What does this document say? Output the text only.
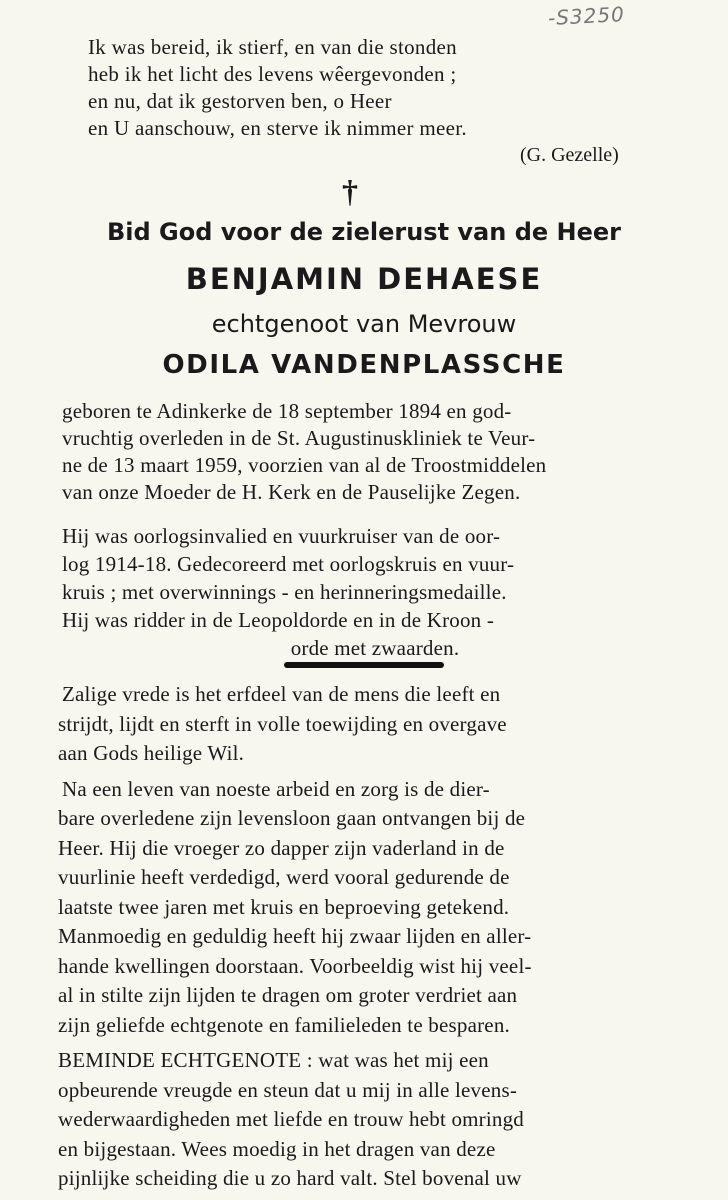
-S3250
Ik was bereid, ik stierf, en van die stonden
heb ik het licht des levens wêergevonden ;
en nu, dat ik gestorven ben, o Heer
en U aanschouw, en sterve ik nimmer meer.
(G. Gezelle)
†
Bid God voor de zielerust van de Heer
BENJAMIN DEHAESE
echtgenoot van Mevrouw
ODILA VANDENPLASSCHE
geboren te Adinkerke de 18 september 1894 en god-
vruchtig overleden in de St. Augustinuskliniek te Veur-
ne de 13 maart 1959, voorzien van al de Troostmiddelen
van onze Moeder de H. Kerk en de Pauselijke Zegen.
Hij was oorlogsinvalied en vuurkruiser van de oor-
log 1914-18. Gedecoreerd met oorlogskruis en vuur-
kruis ; met overwinnings - en herinneringsmedaille.
Hij was ridder in de Leopoldorde en in de Kroon -
orde met zwaarden.
Zalige vrede is het erfdeel van de mens die leeft en
strijdt, lijdt en sterft in volle toewijding en overgave
aan Gods heilige Wil.
Na een leven van noeste arbeid en zorg is de dier-
bare overledene zijn levensloon gaan ontvangen bij de
Heer. Hij die vroeger zo dapper zijn vaderland in de
vuurlinie heeft verdedigd, werd vooral gedurende de
laatste twee jaren met kruis en beproeving getekend.
Manmoedig en geduldig heeft hij zwaar lijden en aller-
hande kwellingen doorstaan. Voorbeeldig wist hij veel-
al in stilte zijn lijden te dragen om groter verdriet aan
zijn geliefde echtgenote en familieleden te besparen.
BEMINDE ECHTGENOTE : wat was het mij een
opbeurende vreugde en steun dat u mij in alle levens-
wederwaardigheden met liefde en trouw hebt omringd
en bijgestaan. Wees moedig in het dragen van deze
pijnlijke scheiding die u zo hard valt. Stel bovenal uw
